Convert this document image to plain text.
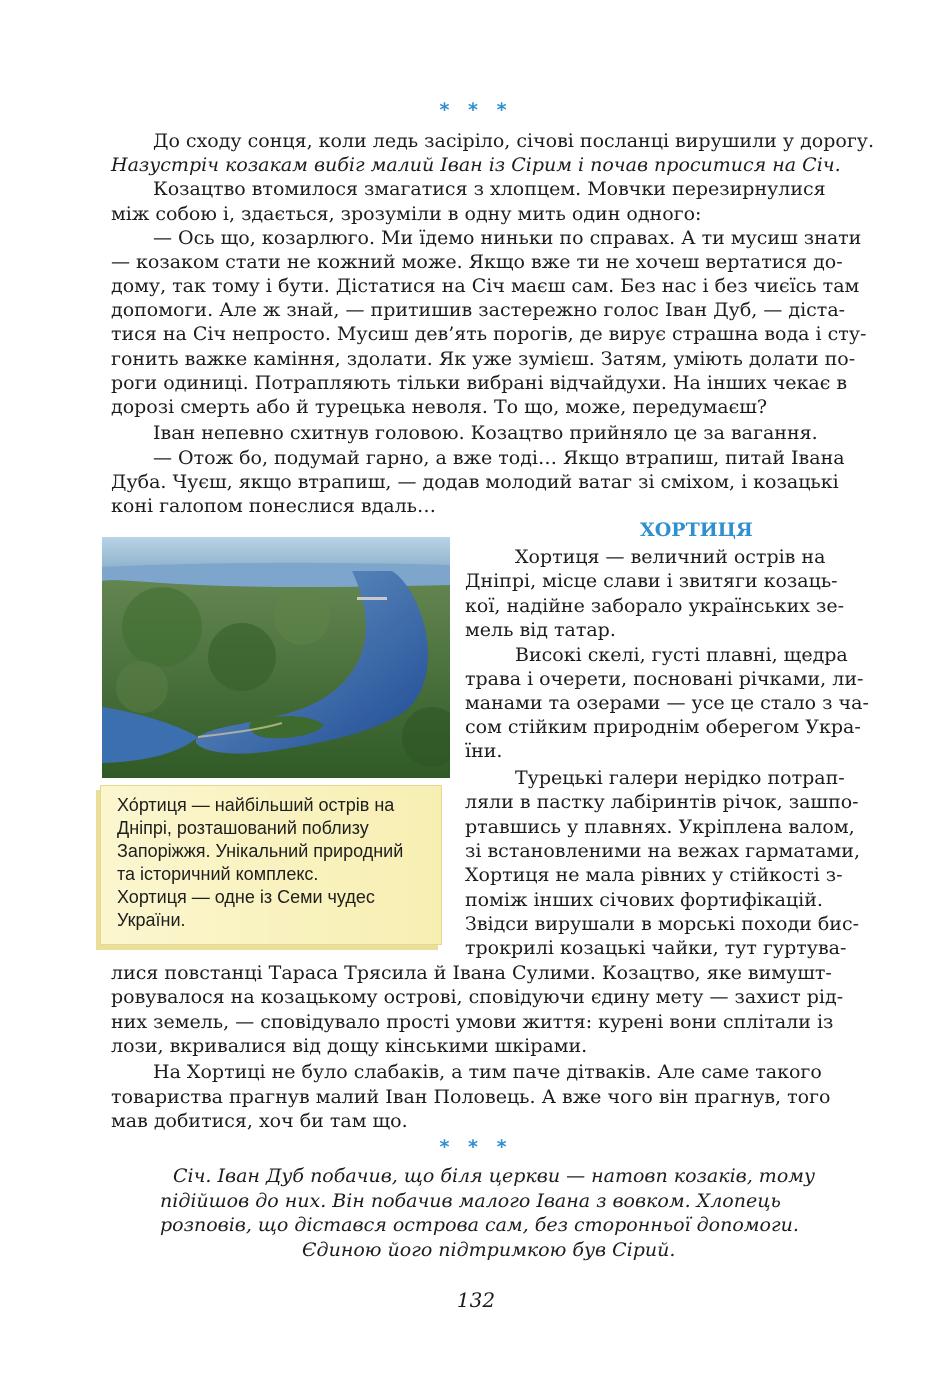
* * *
До сходу сонця, коли ледь засіріло, січові посланці вирушили у дорогу.
Назустріч козакам вибіг малий Іван із Сірим і почав проситися на Січ.
Козацтво втомилося змагатися з хлопцем. Мовчки перезирнулися
між собою і, здається, зрозуміли в одну мить один одного:
— Ось що, козарлюго. Ми їдемо ниньки по справах. А ти мусиш знати
— козаком стати не кожний може. Якщо вже ти не хочеш вертатися до-
дому, так тому і бути. Дістатися на Січ маєш сам. Без нас і без чиєїсь там
допомоги. Але ж знай, — притишив застережно голос Іван Дуб, — діста-
тися на Січ непросто. Мусиш дев’ять порогів, де вирує страшна вода і сту-
гонить важке каміння, здолати. Як уже зумієш. Затям, уміють долати по-
роги одиниці. Потрапляють тільки вибрані відчайдухи. На інших чекає в
дорозі смерть або й турецька неволя. То що, може, передумаєш?
Іван непевно схитнув головою. Козацтво прийняло це за вагання.
— Отож бо, подумай гарно, а вже тоді… Якщо втрапиш, питай Івана
Дуба. Чуєш, якщо втрапиш, — додав молодий ватаг зі сміхом, і козацькі
коні галопом понеслися вдаль…
ХОРТИЦЯ
Хо́ртиця — найбільший острів на
Дніпрі, розташований поблизу
Запоріжжя. Унікальний природний
та історичний комплекс.
Хортиця — одне із Семи чудес
України.
Хортиця — величний острів на
Дніпрі, місце слави і звитяги козаць-
кої, надійне заборало українських зе-
мель від татар.
Високі скелі, густі плавні, щедра
трава і очерети, посновані річками, ли-
манами та озерами — усе це стало з ча-
сом стійким природнім оберегом Укра-
їни.
Турецькі галери нерідко потрап-
ляли в пастку лабіринтів річок, зашпо-
ртавшись у плавнях. Укріплена валом,
зі встановленими на вежах гарматами,
Хортиця не мала рівних у стійкості з-
поміж інших січових фортифікацій.
Звідси вирушали в морські походи бис-
трокрилі козацькі чайки, тут гуртува-
лися повстанці Тараса Трясила й Івана Сулими. Козацтво, яке вимушт-
ровувалося на козацькому острові, сповідуючи єдину мету — захист рід-
них земель, — сповідувало прості умови життя: курені вони сплітали із
лози, вкривалися від дощу кінськими шкірами.
На Хортиці не було слабаків, а тим паче дітваків. Але саме такого
товариства прагнув малий Іван Половець. А вже чого він прагнув, того
мав добитися, хоч би там що.
* * *
Січ. Іван Дуб побачив, що біля церкви — натовп козаків, тому
підійшов до них. Він побачив малого Івана з вовком. Хлопець
розповів, що дістався острова сам, без сторонньої допомоги.
Єдиною його підтримкою був Сірий.
132
